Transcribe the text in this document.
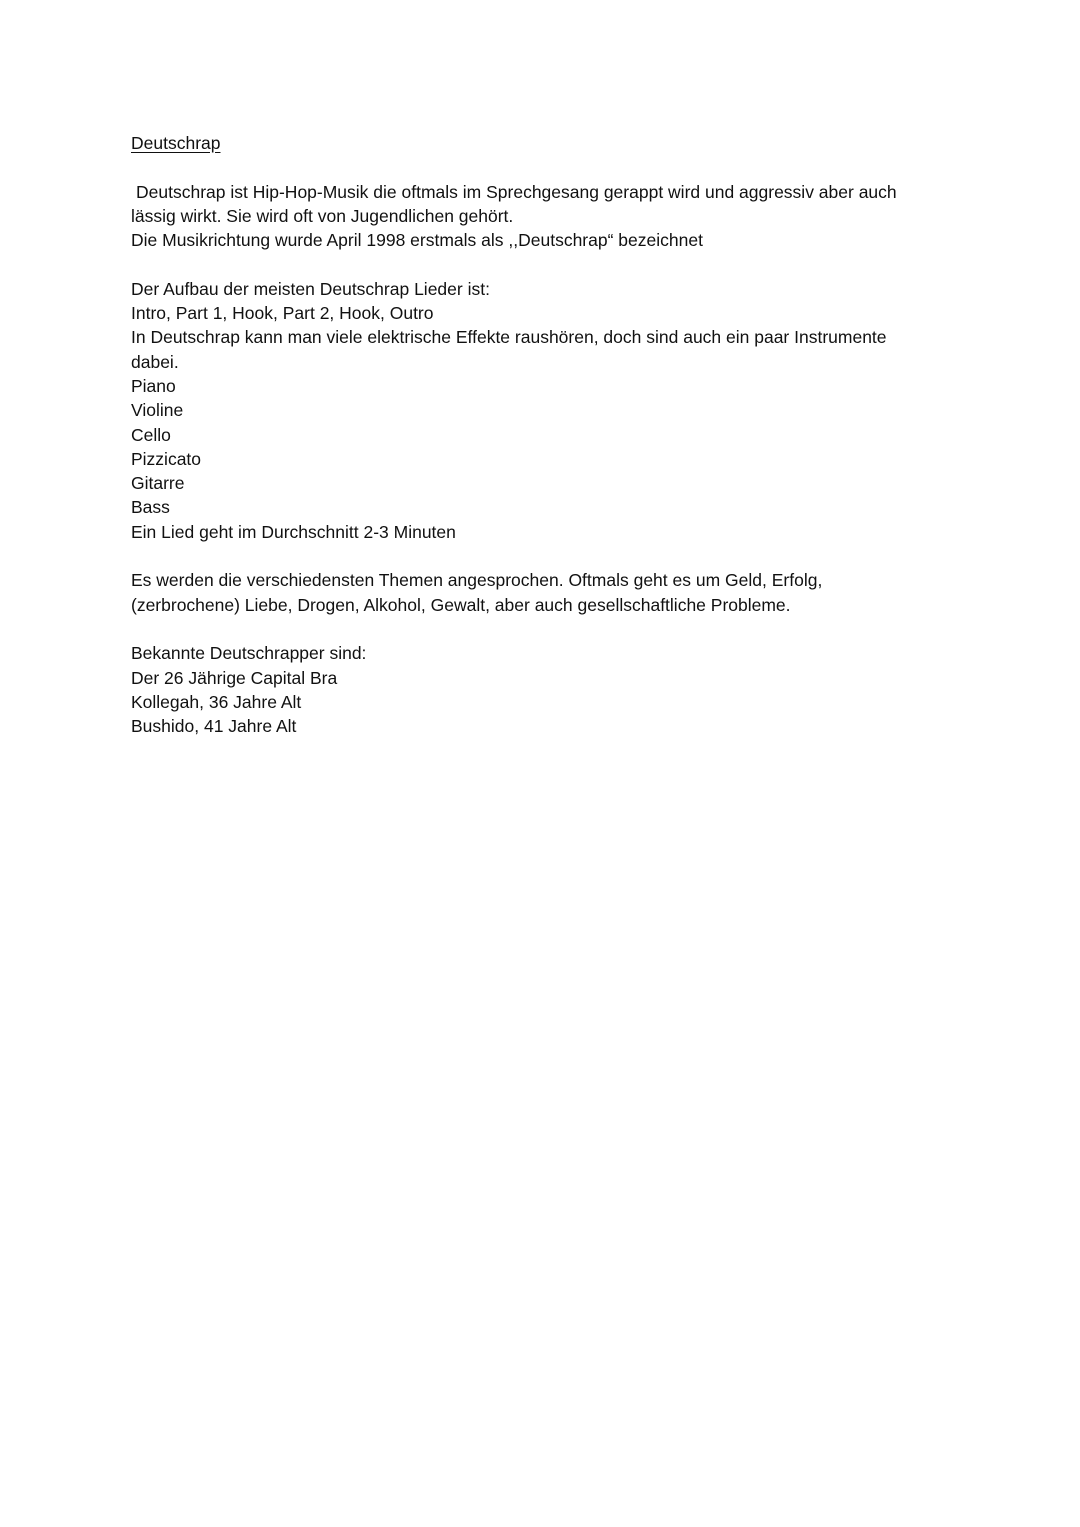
Deutschrap
Deutschrap ist Hip-Hop-Musik die oftmals im Sprechgesang gerappt wird und aggressiv aber auch
lässig wirkt. Sie wird oft von Jugendlichen gehört.
Die Musikrichtung wurde April 1998 erstmals als ,,Deutschrap“ bezeichnet
Der Aufbau der meisten Deutschrap Lieder ist:
Intro, Part 1, Hook, Part 2, Hook, Outro
In Deutschrap kann man viele elektrische Effekte raushören, doch sind auch ein paar Instrumente
dabei.
Piano
Violine
Cello
Pizzicato
Gitarre
Bass
Ein Lied geht im Durchschnitt 2-3 Minuten
Es werden die verschiedensten Themen angesprochen. Oftmals geht es um Geld, Erfolg,
(zerbrochene) Liebe, Drogen, Alkohol, Gewalt, aber auch gesellschaftliche Probleme.
Bekannte Deutschrapper sind:
Der 26 Jährige Capital Bra
Kollegah, 36 Jahre Alt
Bushido, 41 Jahre Alt
